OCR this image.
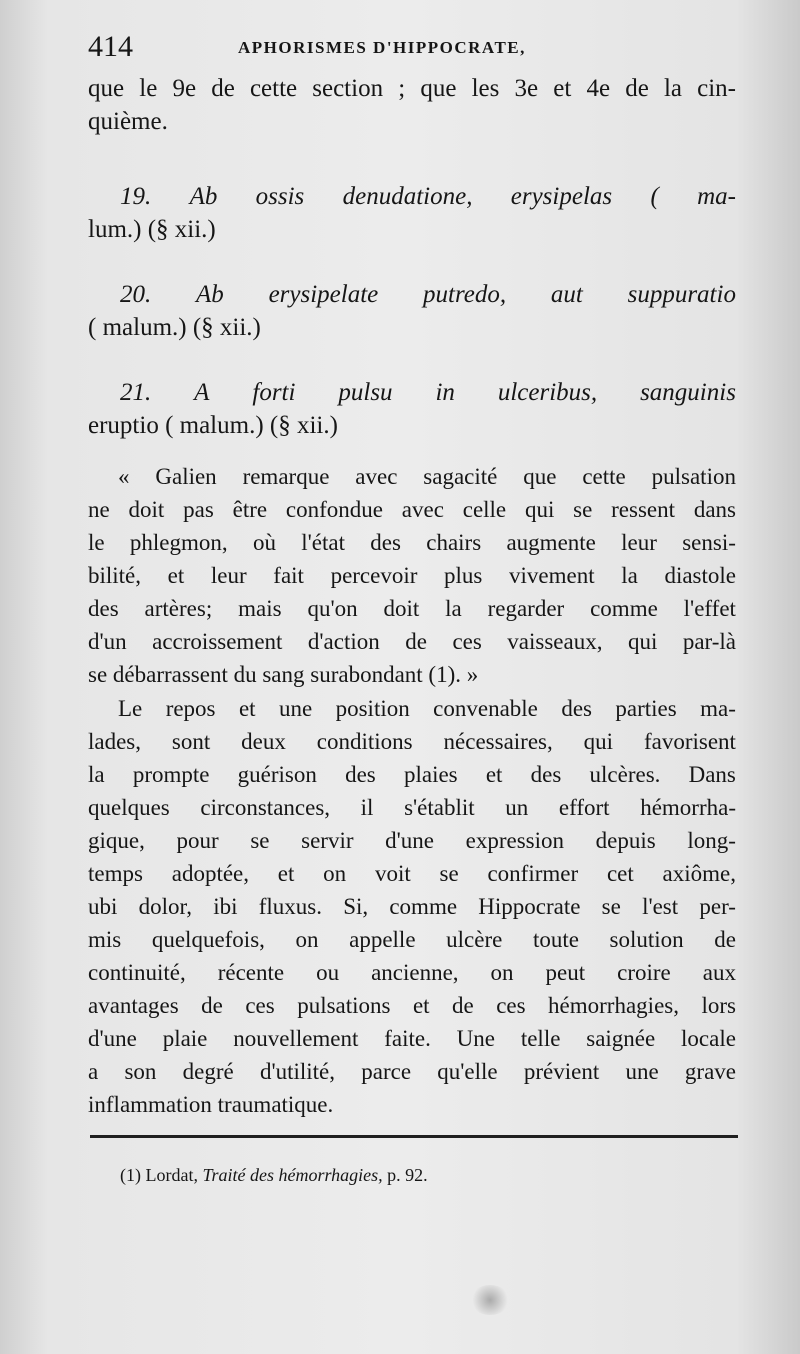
414	APHORISMES D'HIPPOCRATE,
que le 9e de cette section ; que les 3e et 4e de la cin-
quième.
19. Ab ossis denudatione, erysipelas ( ma-
lum.) (§ xii.)
20. Ab erysipelate putredo, aut suppuratio
( malum.) (§ xii.)
21. A forti pulsu in ulceribus, sanguinis
eruptio ( malum.) (§ xii.)
« Galien remarque avec sagacité que cette pulsation
ne doit pas être confondue avec celle qui se ressent dans
le phlegmon, où l'état des chairs augmente leur sensi-
bilité, et leur fait percevoir plus vivement la diastole
des artères; mais qu'on doit la regarder comme l'effet
d'un accroissement d'action de ces vaisseaux, qui par-là
se débarrassent du sang surabondant (1). »
Le repos et une position convenable des parties ma-
lades, sont deux conditions nécessaires, qui favorisent
la prompte guérison des plaies et des ulcères. Dans
quelques circonstances, il s'établit un effort hémorrha-
gique, pour se servir d'une expression depuis long-
temps adoptée, et on voit se confirmer cet axiôme,
ubi dolor, ibi fluxus. Si, comme Hippocrate se l'est per-
mis quelquefois, on appelle ulcère toute solution de
continuité, récente ou ancienne, on peut croire aux
avantages de ces pulsations et de ces hémorrhagies, lors
d'une plaie nouvellement faite. Une telle saignée locale
a son degré d'utilité, parce qu'elle prévient une grave
inflammation traumatique.
(1) Lordat, Traité des hémorrhagies, p. 92.
